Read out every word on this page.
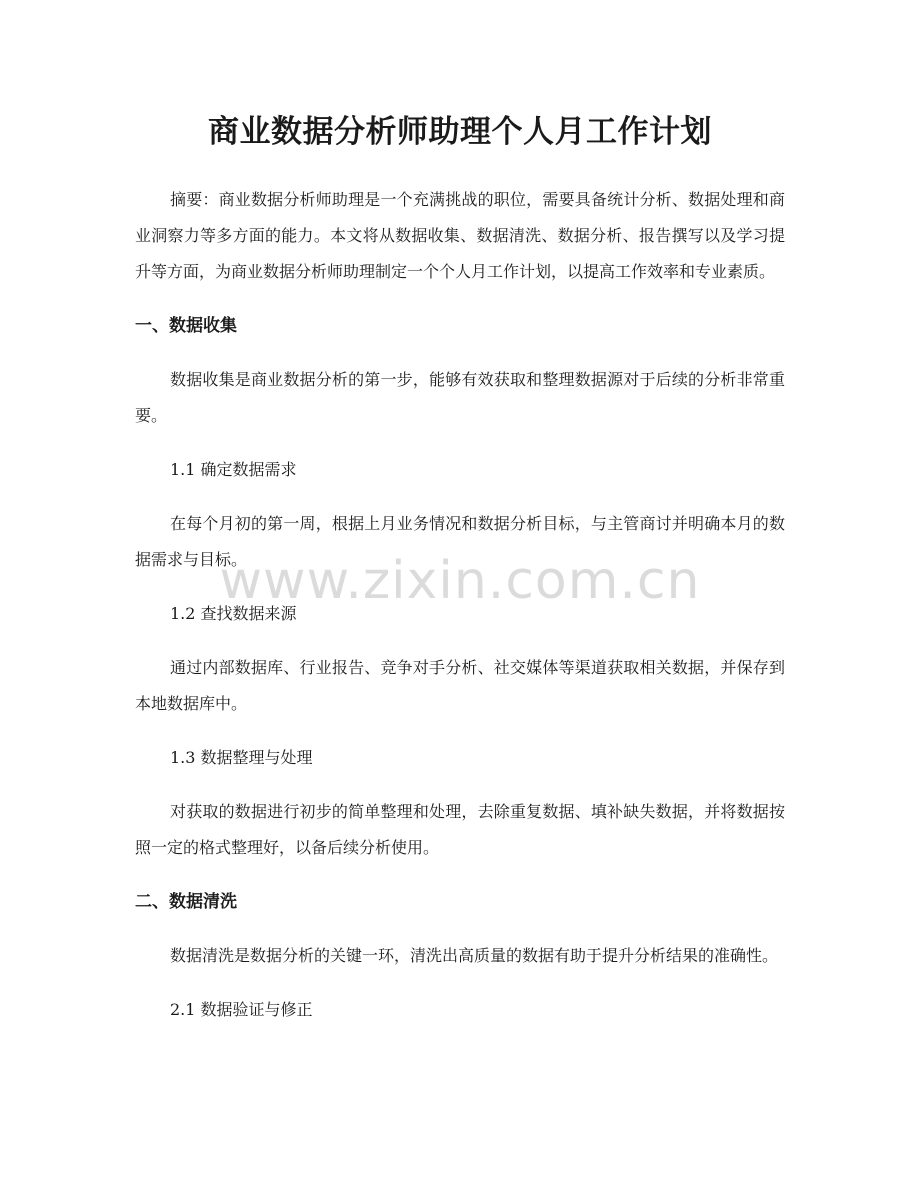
商业数据分析师助理个人月工作计划

摘要：商业数据分析师助理是一个充满挑战的职位，需要具备统计分析、数据处理和商业洞察力等多方面的能力。本文将从数据收集、数据清洗、数据分析、报告撰写以及学习提升等方面，为商业数据分析师助理制定一个个人月工作计划，以提高工作效率和专业素质。

一、数据收集

数据收集是商业数据分析的第一步，能够有效获取和整理数据源对于后续的分析非常重要。

1.1 确定数据需求

在每个月初的第一周，根据上月业务情况和数据分析目标，与主管商讨并明确本月的数据需求与目标。

1.2 查找数据来源

通过内部数据库、行业报告、竞争对手分析、社交媒体等渠道获取相关数据，并保存到本地数据库中。

1.3 数据整理与处理

对获取的数据进行初步的简单整理和处理，去除重复数据、填补缺失数据，并将数据按照一定的格式整理好，以备后续分析使用。

二、数据清洗

数据清洗是数据分析的关键一环，清洗出高质量的数据有助于提升分析结果的准确性。

2.1 数据验证与修正

www.zixin.com.cn
